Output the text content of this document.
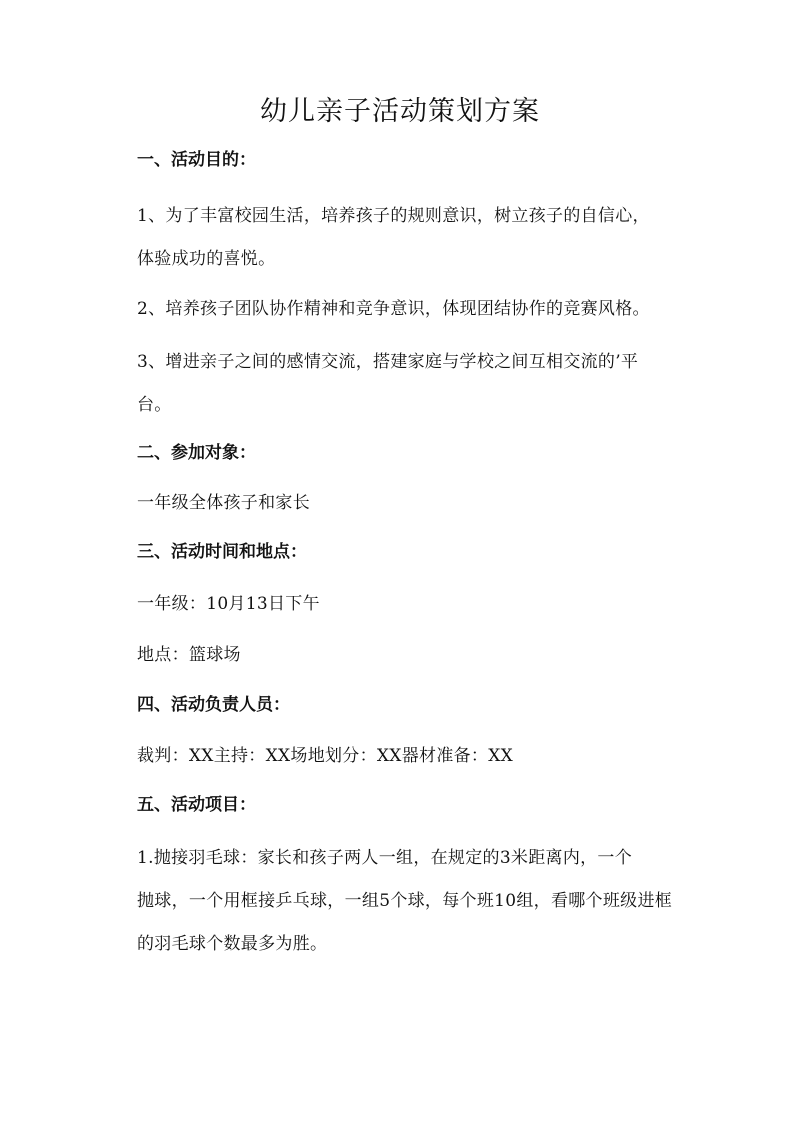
幼儿亲子活动策划方案

一、活动目的：

1、为了丰富校园生活，培养孩子的规则意识，树立孩子的自信心，

体验成功的喜悦。

2、培养孩子团队协作精神和竞争意识，体现团结协作的竞赛风格。

3、增进亲子之间的感情交流，搭建家庭与学校之间互相交流的’平

台。

二、参加对象：

一年级全体孩子和家长

三、活动时间和地点：

一年级：10月13日下午

地点：篮球场

四、活动负责人员：

裁判：XX主持：XX场地划分：XX器材准备：XX

五、活动项目：

1.抛接羽毛球：家长和孩子两人一组，在规定的3米距离内，一个

抛球，一个用框接乒乓球，一组5个球，每个班10组，看哪个班级进框

的羽毛球个数最多为胜。
